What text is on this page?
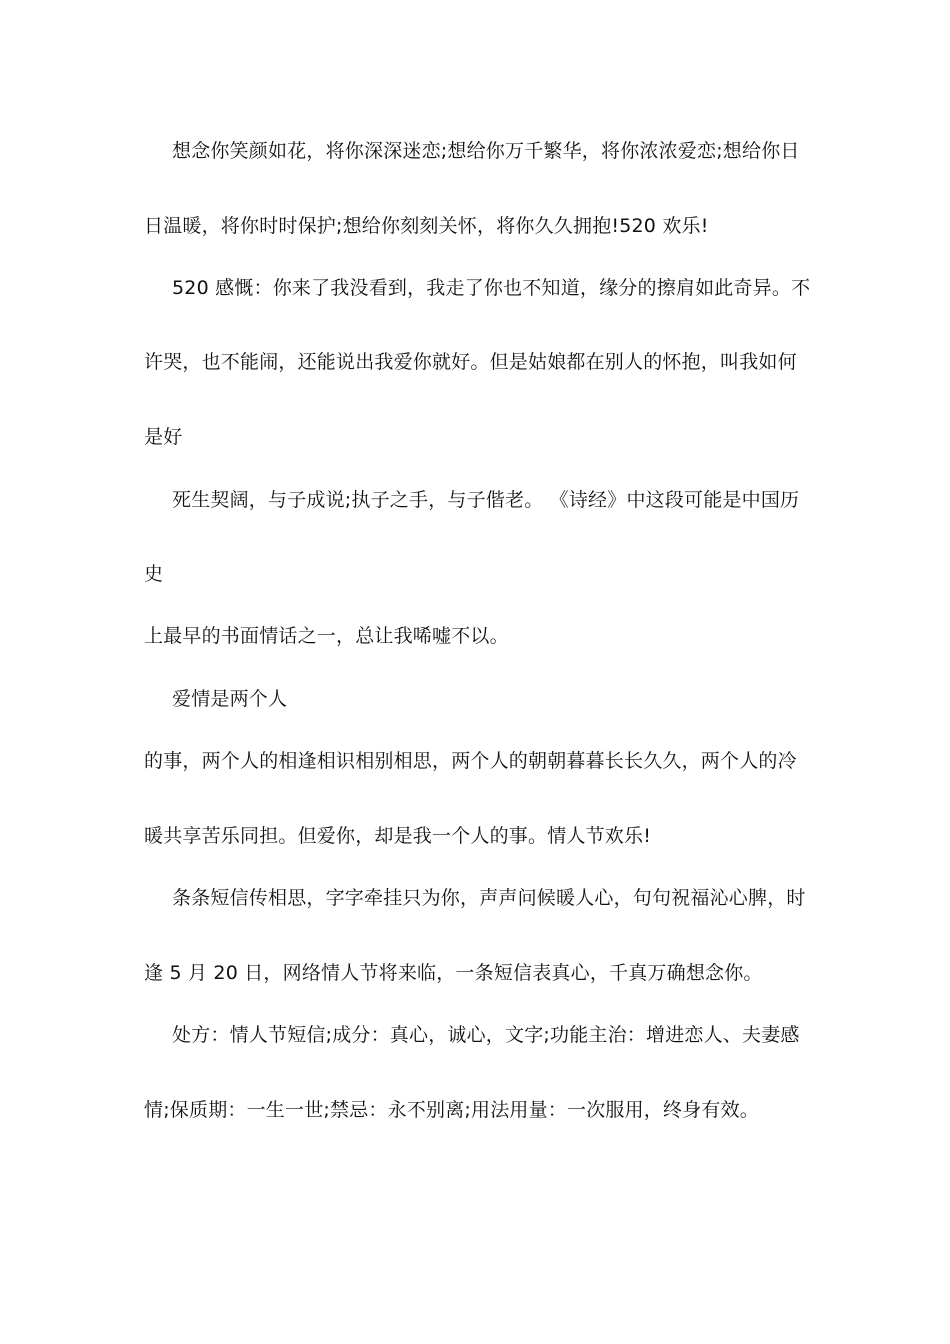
想念你笑颜如花，将你深深迷恋;想给你万千繁华，将你浓浓爱恋;想给你日
日温暖，将你时时保护;想给你刻刻关怀，将你久久拥抱!520 欢乐!
520 感慨：你来了我没看到，我走了你也不知道，缘分的擦肩如此奇异。不
许哭，也不能闹，还能说出我爱你就好。但是姑娘都在别人的怀抱，叫我如何
是好
死生契阔，与子成说;执子之手，与子偕老。 《诗经》中这段可能是中国历
史
上最早的书面情话之一，总让我唏嘘不以。
爱情是两个人
的事，两个人的相逢相识相别相思，两个人的朝朝暮暮长长久久，两个人的冷
暖共享苦乐同担。但爱你，却是我一个人的事。情人节欢乐!
条条短信传相思，字字牵挂只为你，声声问候暖人心，句句祝福沁心脾，时
逢 5 月 20 日，网络情人节将来临，一条短信表真心，千真万确想念你。
处方：情人节短信;成分：真心，诚心，文字;功能主治：增进恋人、夫妻感
情;保质期：一生一世;禁忌：永不别离;用法用量：一次服用，终身有效。
